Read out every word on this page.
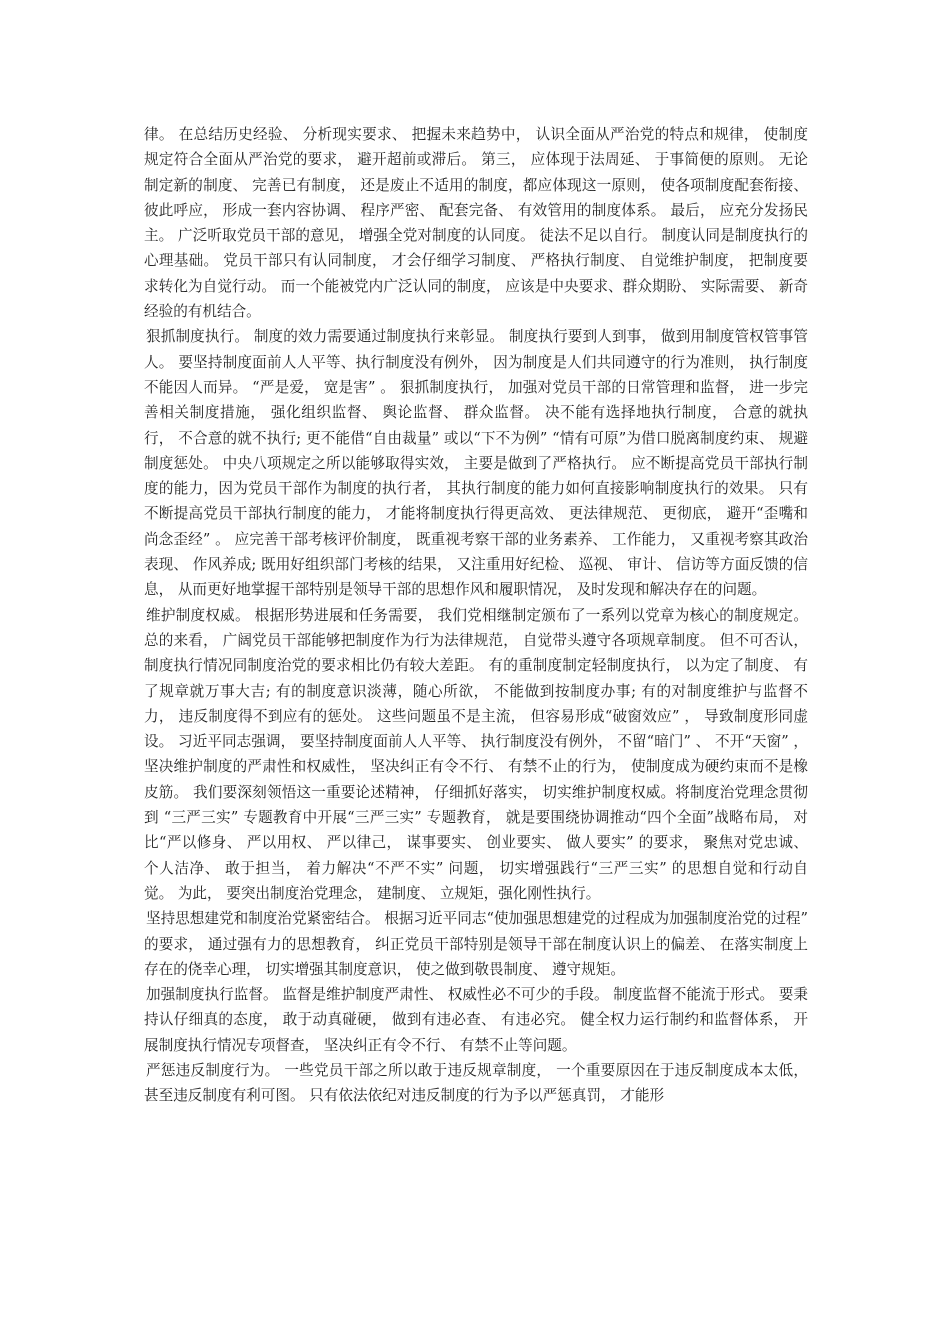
律。 在总结历史经验、 分析现实要求、 把握未来趋势中， 认识全面从严治党的特点和规律， 使制度规定符合全面从严治党的要求， 避开超前或滞后。 第三， 应体现于法周延、 于事简便的原则。 无论制定新的制度、 完善已有制度， 还是废止不适用的制度，都应体现这一原则， 使各项制度配套衔接、 彼此呼应， 形成一套内容协调、 程序严密、 配套完备、 有效管用的制度体系。 最后， 应充分发扬民主。 广泛听取党员干部的意见， 增强全党对制度的认同度。 徒法不足以自行。 制度认同是制度执行的心理基础。 党员干部只有认同制度， 才会仔细学习制度、 严格执行制度、 自觉维护制度， 把制度要求转化为自觉行动。 而一个能被党内广泛认同的制度， 应该是中央要求、群众期盼、 实际需要、 新奇经验的有机结合。

狠抓制度执行。 制度的效力需要通过制度执行来彰显。 制度执行要到人到事， 做到用制度管权管事管人。 要坚持制度面前人人平等、执行制度没有例外， 因为制度是人们共同遵守的行为准则， 执行制度不能因人而异。 “严是爱， 宽是害” 。 狠抓制度执行， 加强对党员干部的日常管理和监督， 进一步完善相关制度措施， 强化组织监督、 舆论监督、 群众监督。 决不能有选择地执行制度， 合意的就执行， 不合意的就不执行; 更不能借“自由裁量” 或以“下不为例” “情有可原”为借口脱离制度约束、 规避制度惩处。 中央八项规定之所以能够取得实效， 主要是做到了严格执行。 应不断提高党员干部执行制度的能力，因为党员干部作为制度的执行者， 其执行制度的能力如何直接影响制度执行的效果。 只有不断提高党员干部执行制度的能力， 才能将制度执行得更高效、 更法律规范、 更彻底， 避开“歪嘴和尚念歪经” 。 应完善干部考核评价制度， 既重视考察干部的业务素养、 工作能力， 又重视考察其政治表现、 作风养成; 既用好组织部门考核的结果， 又注重用好纪检、 巡视、 审计、 信访等方面反馈的信息， 从而更好地掌握干部特别是领导干部的思想作风和履职情况， 及时发现和解决存在的问题。

维护制度权威。 根据形势进展和任务需要， 我们党相继制定颁布了一系列以党章为核心的制度规定。 总的来看， 广阔党员干部能够把制度作为行为法律规范， 自觉带头遵守各项规章制度。 但不可否认， 制度执行情况同制度治党的要求相比仍有较大差距。 有的重制度制定轻制度执行， 以为定了制度、 有了规章就万事大吉; 有的制度意识淡薄，随心所欲， 不能做到按制度办事; 有的对制度维护与监督不力， 违反制度得不到应有的惩处。 这些问题虽不是主流， 但容易形成“破窗效应” ， 导致制度形同虚设。 习近平同志强调， 要坚持制度面前人人平等、 执行制度没有例外， 不留“暗门” 、 不开“天窗” ， 坚决维护制度的严肃性和权威性， 坚决纠正有令不行、 有禁不止的行为， 使制度成为硬约束而不是橡皮筋。 我们要深刻领悟这一重要论述精神， 仔细抓好落实， 切实维护制度权威。将制度治党理念贯彻到 “三严三实” 专题教育中开展“三严三实” 专题教育， 就是要围绕协调推动“四个全面”战略布局， 对比“严以修身、 严以用权、 严以律己， 谋事要实、 创业要实、 做人要实” 的要求， 聚焦对党忠诚、 个人洁净、 敢于担当， 着力解决“不严不实” 问题， 切实增强践行“三严三实” 的思想自觉和行动自觉。 为此， 要突出制度治党理念， 建制度、 立规矩，强化刚性执行。

坚持思想建党和制度治党紧密结合。 根据习近平同志“使加强思想建党的过程成为加强制度治党的过程” 的要求， 通过强有力的思想教育， 纠正党员干部特别是领导干部在制度认识上的偏差、 在落实制度上存在的侥幸心理， 切实增强其制度意识， 使之做到敬畏制度、 遵守规矩。

加强制度执行监督。 监督是维护制度严肃性、 权威性必不可少的手段。 制度监督不能流于形式。 要秉持认仔细真的态度， 敢于动真碰硬， 做到有违必查、 有违必究。 健全权力运行制约和监督体系， 开展制度执行情况专项督查， 坚决纠正有令不行、 有禁不止等问题。

严惩违反制度行为。 一些党员干部之所以敢于违反规章制度， 一个重要原因在于违反制度成本太低， 甚至违反制度有利可图。 只有依法依纪对违反制度的行为予以严惩真罚， 才能形
